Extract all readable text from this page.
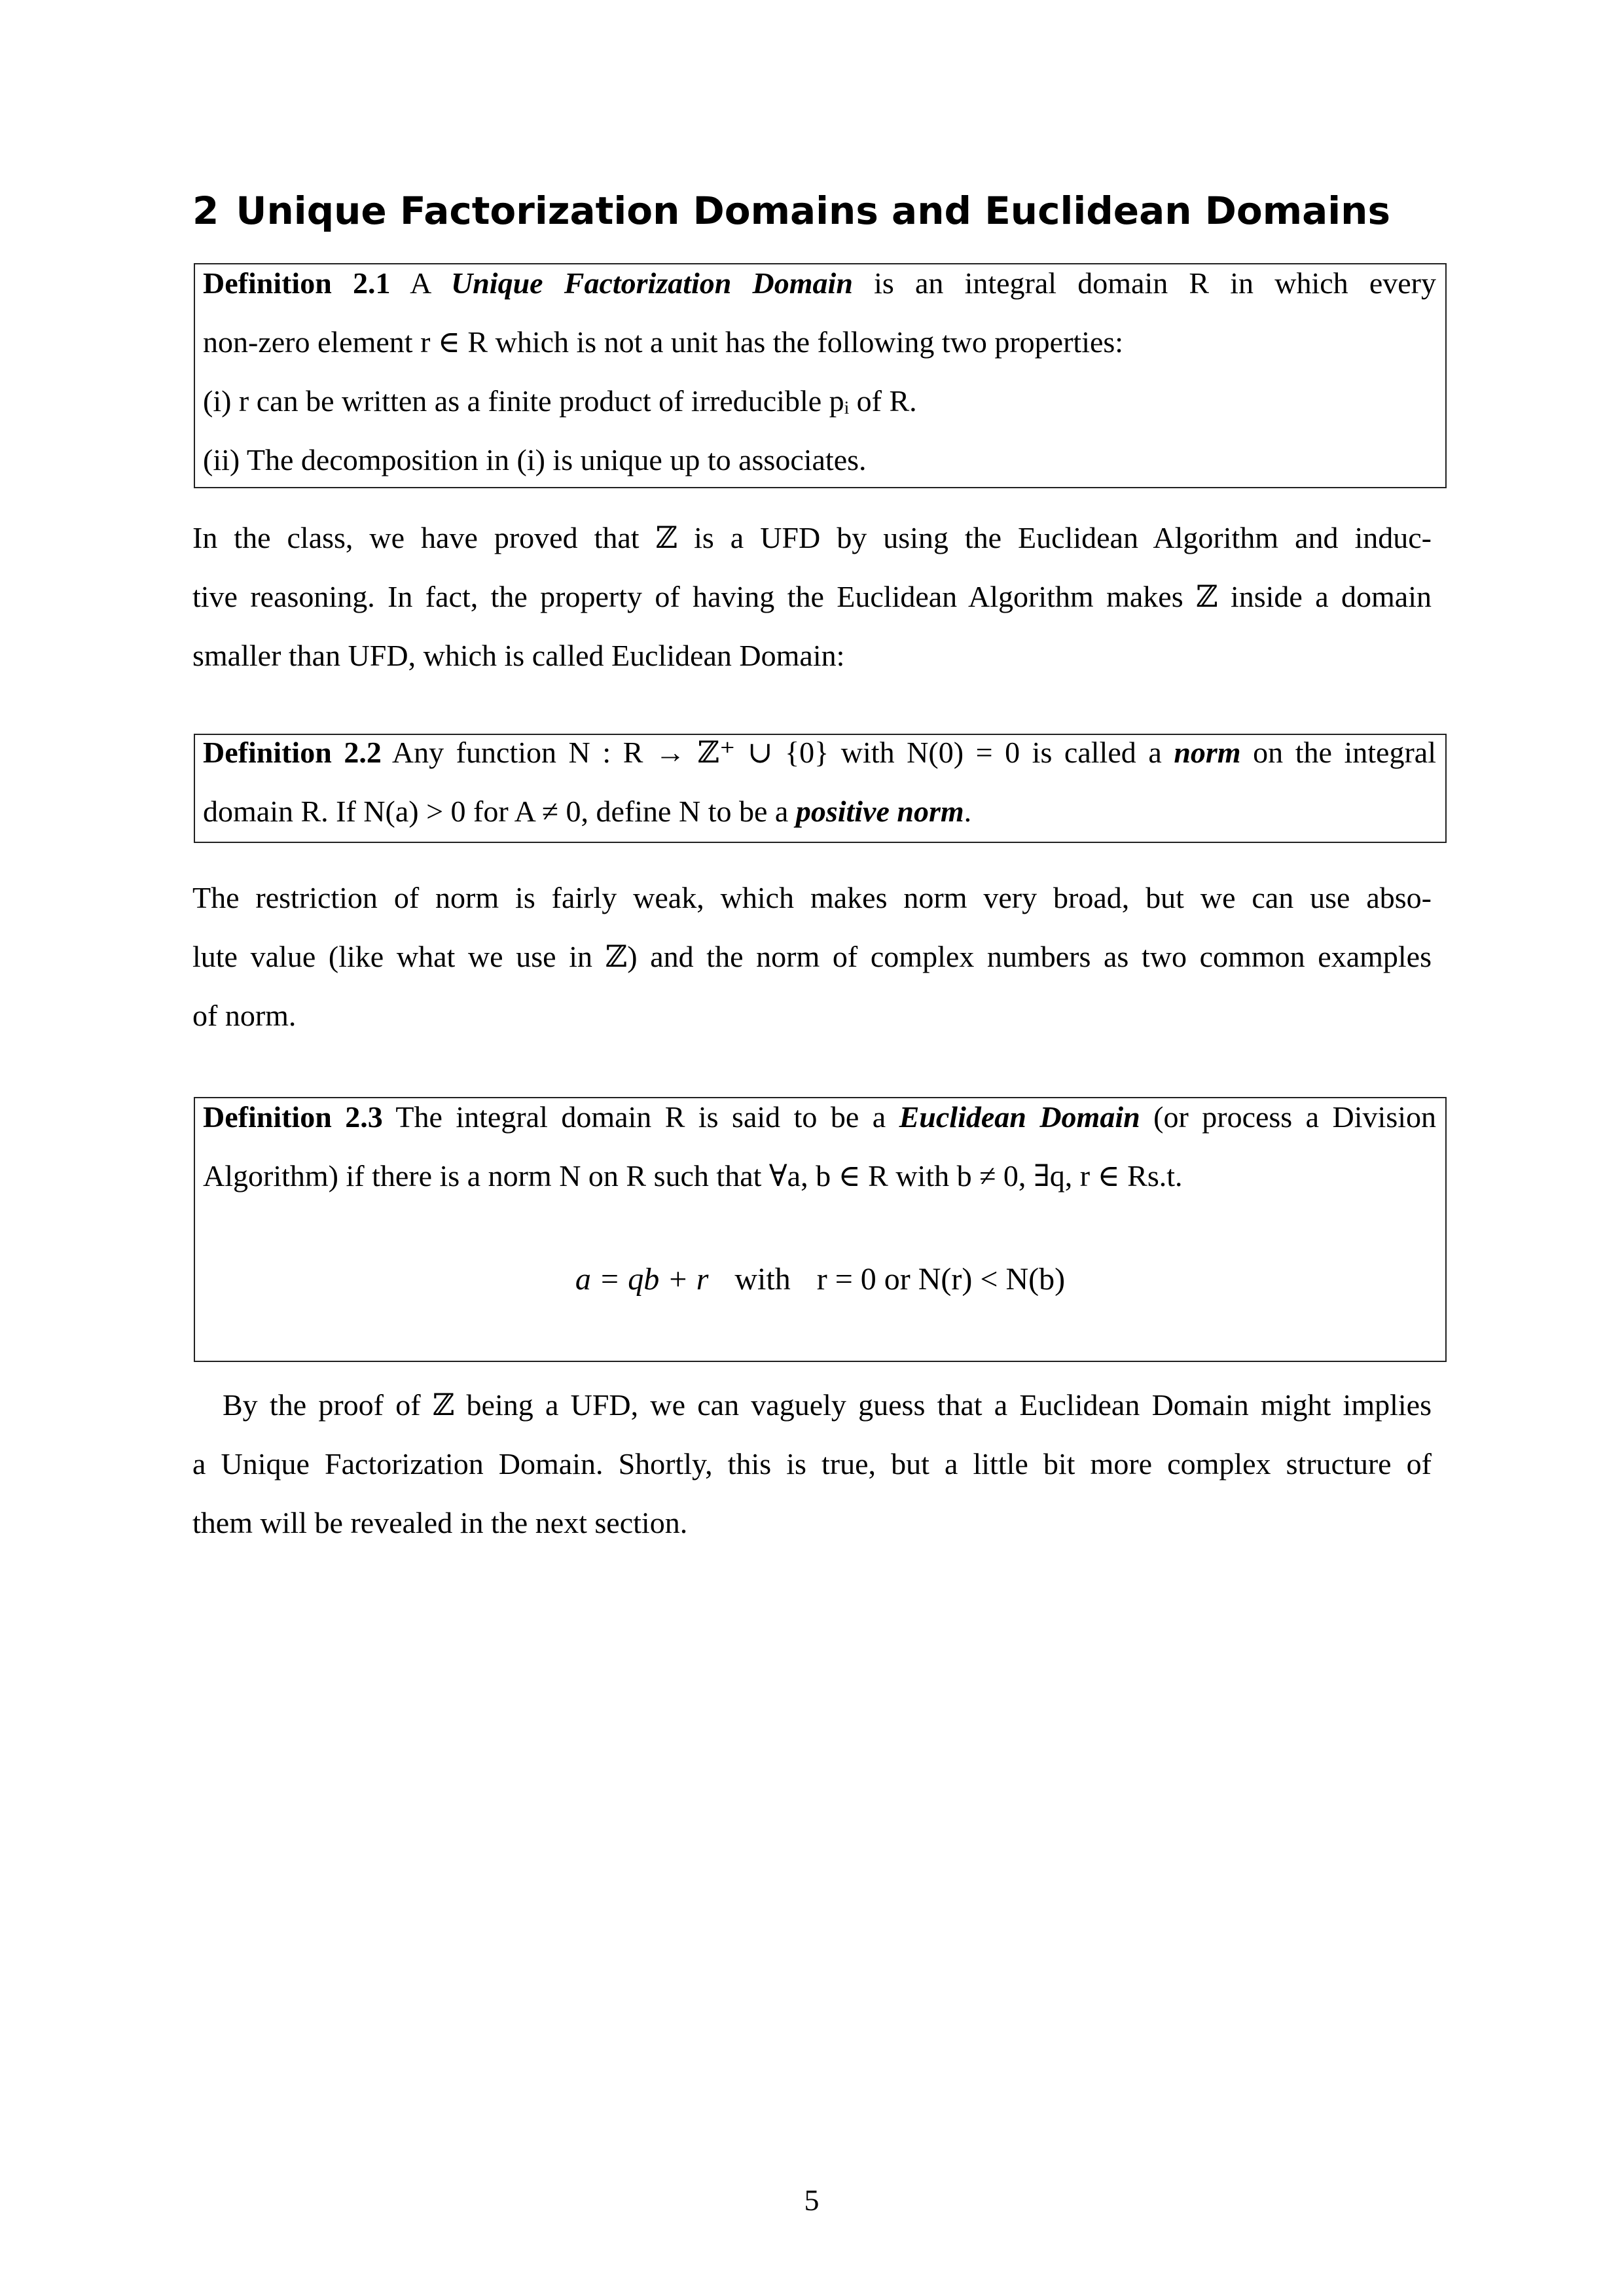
2 Unique Factorization Domains and Euclidean Domains
Definition 2.1 A Unique Factorization Domain is an integral domain R in which every
non-zero element r ∈ R which is not a unit has the following two properties:
(i) r can be written as a finite product of irreducible pᵢ of R.
(ii) The decomposition in (i) is unique up to associates.
In the class, we have proved that ℤ is a UFD by using the Euclidean Algorithm and induc-
tive reasoning. In fact, the property of having the Euclidean Algorithm makes ℤ inside a domain
smaller than UFD, which is called Euclidean Domain:
Definition 2.2 Any function N : R → ℤ⁺ ∪ {0} with N(0) = 0 is called a norm on the integral
domain R. If N(a) > 0 for A ≠ 0, define N to be a positive norm.
The restriction of norm is fairly weak, which makes norm very broad, but we can use abso-
lute value (like what we use in ℤ) and the norm of complex numbers as two common examples
of norm.
Definition 2.3 The integral domain R is said to be a Euclidean Domain (or process a Division
Algorithm) if there is a norm N on R such that ∀a, b ∈ R with b ≠ 0, ∃q, r ∈ Rs.t.
a = qb + r with r = 0 or N(r) < N(b)
By the proof of ℤ being a UFD, we can vaguely guess that a Euclidean Domain might implies
a Unique Factorization Domain. Shortly, this is true, but a little bit more complex structure of
them will be revealed in the next section.
5
